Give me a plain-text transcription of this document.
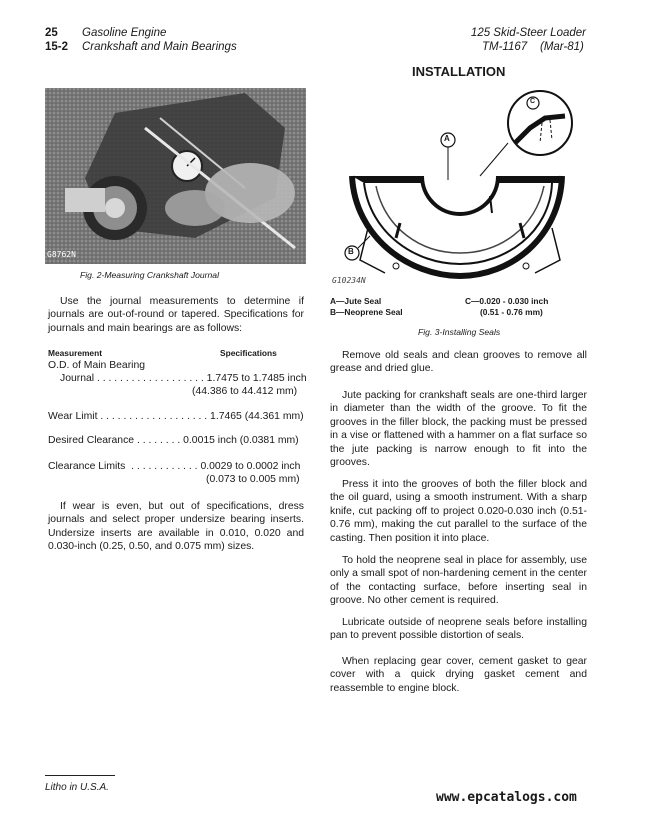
25 Gasoline Engine
15-2 Crankshaft and Main Bearings
125 Skid-Steer Loader
TM-1167 (Mar-81)
G8762N
Fig. 2-Measuring Crankshaft Journal
Use the journal measurements to determine if journals are out-of-round or tapered. Specifications for journals and main bearings are as follows:
Measurement	Specifications
O.D. of Main Bearing
Journal . . . . . . . . . . . . . . . . . . . 1.7475 to 1.7485 inch
(44.386 to 44.412 mm)
Wear Limit . . . . . . . . . . . . . . . . . . . 1.7465 (44.361 mm)
Desired Clearance . . . . . . . . 0.0015 inch (0.0381 mm)
Clearance Limits  . . . . . . . . . . . . 0.0029 to 0.0002 inch
(0.073 to 0.005 mm)
If wear is even, but out of specifications, dress journals and select proper undersize bearing inserts. Undersize inserts are available in 0.010, 0.020 and 0.030-inch (0.25, 0.50, and 0.075 mm) sizes.
INSTALLATION
A
B
C
G10234N
A—Jute Seal
B—Neoprene Seal
C—0.020 - 0.030 inch
(0.51 - 0.76 mm)
Fig. 3-Installing Seals
Remove old seals and clean grooves to remove all grease and dried glue.
Jute packing for crankshaft seals are one-third larger in diameter than the width of the groove. To fit the grooves in the filler block, the packing must be pressed in a vise or flattened with a hammer on a flat surface so the jute packing is narrow enough to fit into the grooves.
Press it into the grooves of both the filler block and the oil guard, using a smooth instrument. With a sharp knife, cut packing off to project 0.020-0.030 inch (0.51-0.76 mm), making the cut parallel to the surface of the casting. Then position it into place.
To hold the neoprene seal in place for assembly, use only a small spot of non-hardening cement in the center of the contacting surface, before inserting seal in groove. No other cement is required.
Lubricate outside of neoprene seals before installing pan to prevent possible distortion of seals.
When replacing gear cover, cement gasket to gear cover with a quick drying gasket cement and reassemble to engine block.
Litho in U.S.A.
www.epcatalogs.com
